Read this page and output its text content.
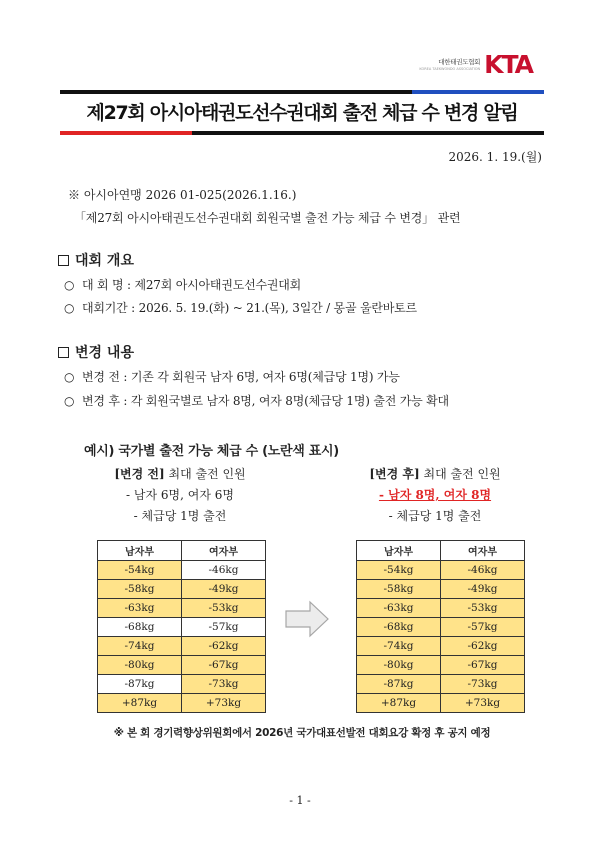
대한태권도협회
KOREA TAEKWONDO ASSOCIATION KTA
제27회 아시아태권도선수권대회 출전 체급 수 변경 알림
2026. 1. 19.(월)
※ 아시아연맹 2026 01-025(2026.1.16.)
「제27회 아시아태권도선수권대회 회원국별 출전 가능 체급 수 변경」 관련
대회 개요
○ 대 회 명 : 제27회 아시아태권도선수권대회
○ 대회기간 : 2026. 5. 19.(화) ~ 21.(목), 3일간 / 몽골 울란바토르
변경 내용
○ 변경 전 : 기존 각 회원국 남자 6명, 여자 6명(체급당 1명) 가능
○ 변경 후 : 각 회원국별로 남자 8명, 여자 8명(체급당 1명) 출전 가능 확대
예시) 국가별 출전 가능 체급 수 (노란색 표시)
[변경 전] 최대 출전 인원
- 남자 6명, 여자 6명
- 체급당 1명 출전
[변경 후] 최대 출전 인원
- 남자 8명, 여자 8명
- 체급당 1명 출전
남자부	여자부
-54kg	-46kg
-58kg	-49kg
-63kg	-53kg
-68kg	-57kg
-74kg	-62kg
-80kg	-67kg
-87kg	-73kg
+87kg	+73kg
남자부	여자부
-54kg	-46kg
-58kg	-49kg
-63kg	-53kg
-68kg	-57kg
-74kg	-62kg
-80kg	-67kg
-87kg	-73kg
+87kg	+73kg
※ 본 회 경기력향상위원회에서 2026년 국가대표선발전 대회요강 확정 후 공지 예정
- 1 -
